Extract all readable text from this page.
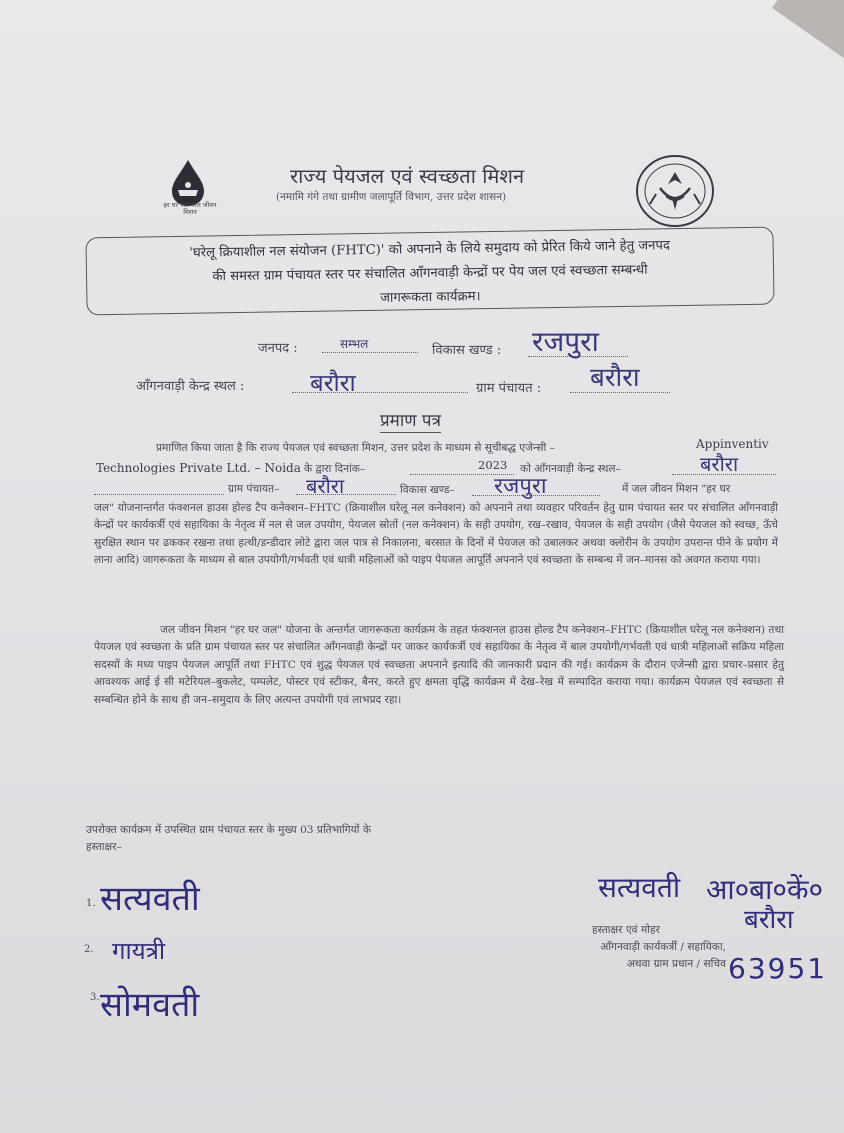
हर घर जल जल जीवन मिशन
राज्य पेयजल एवं स्वच्छता मिशन
(नमामि गंगे तथा ग्रामीण जलापूर्ति विभाग, उत्तर प्रदेश शासन)
'घरेलू क्रियाशील नल संयोजन (FHTC)' को अपनाने के लिये समुदाय को प्रेरित किये जाने हेतु जनपद
की समस्त ग्राम पंचायत स्तर पर संचालित आँगनवाड़ी केन्द्रों पर पेय जल एवं स्वच्छता सम्बन्धी
जागरूकता कार्यक्रम।
जनपद :	सम्भल	विकास खण्ड : रजपुरा
आँगनवाड़ी केन्द्र स्थल :	बरौरा	ग्राम पंचायत : बरौरा
प्रमाण पत्र
प्रमाणित किया जाता है कि राज्य पेयजल एवं स्वच्छता मिशन, उत्तर प्रदेश के माध्यम से सूचीबद्ध एजेन्सी –	Appinventiv
Technologies Private Ltd. – Noida के द्वारा दिनांक–	2023 को आँगनवाड़ी केन्द्र स्थल–	बरौरा
ग्राम पंचायत– बरौरा	विकास खण्ड– रजपुरा	में जल जीवन मिशन "हर घर
जल" योजनान्तर्गत फंक्शनल हाउस होल्ड टैप कनेक्शन–FHTC (क्रियाशील घरेलू नल कनेक्शन) को अपनाने तथा व्यवहार परिवर्तन हेतु ग्राम पंचायत स्तर पर संचालित आँगनवाड़ी केन्द्रों पर कार्यकर्त्री एवं सहायिका के नेतृत्व में नल से जल उपयोग, पेयजल स्रोतों (नल कनेक्शन) के सही उपयोग, रख–रखाव, पेयजल के सही उपयोग (जैसे पेयजल को स्वच्छ, ऊँचे सुरक्षित स्थान पर ढककर रखना तथा हत्थी/डन्डीदार लोटे द्वारा जल पात्र से निकालना, बरसात के दिनों में पेयजल को उबालकर अथवा क्लोरीन के उपयोग उपरान्त पीने के प्रयोग में लाना आदि) जागरूकता के माध्यम से बाल उपयोगी/गर्भवती एवं धात्री महिलाओं को पाइप पेयजल आपूर्ति अपनाने एवं स्वच्छता के सम्बन्ध में जन–मानस को अवगत कराया गया।
जल जीवन मिशन "हर घर जल" योजना के अन्तर्गत जागरूकता कार्यक्रम के तहत फंक्शनल हाउस होल्ड टैप कनेक्शन–FHTC (क्रियाशील घरेलू नल कनेक्शन) तथा पेयजल एवं स्वच्छता के प्रति ग्राम पंचायत स्तर पर संचालित आँगनवाड़ी केन्द्रों पर जाकर कार्यकर्त्री एवं सहायिका के नेतृत्व में बाल उपयोगी/गर्भवती एवं धात्री महिलाओं सक्रिय महिला सदस्यों के मध्य पाइप पेयजल आपूर्ति तथा FHTC एवं शुद्ध पेयजल एवं स्वच्छता अपनाने इत्यादि की जानकारी प्रदान की गई। कार्यक्रम के दौरान एजेन्सी द्वारा प्रचार–प्रसार हेतु आवश्यक आई ई सी मटेरियल–बुकलेट, पम्पलेट, पोस्टर एवं स्टीकर, बैनर, करते हुए क्षमता वृद्धि कार्यक्रम में देख–रेख में सम्पादित कराया गया। कार्यक्रम पेयजल एवं स्वच्छता से सम्बन्धित होने के साथ ही जन–समुदाय के लिए अत्यन्त उपयोगी एवं लाभप्रद रहा।
उपरोक्त कार्यक्रम में उपस्थित ग्राम पंचायत स्तर के मुख्य 03 प्रतिभागियों के
हस्ताक्षर–
1. सत्यवती
2. गायत्री
3. सोमवती
सत्यवती आ०बा०कें०
बरौरा
हस्ताक्षर एवं मोहर
आँगनवाड़ी कार्यकर्त्री / सहायिका,
अथवा ग्राम प्रधान / सचिव 63951
